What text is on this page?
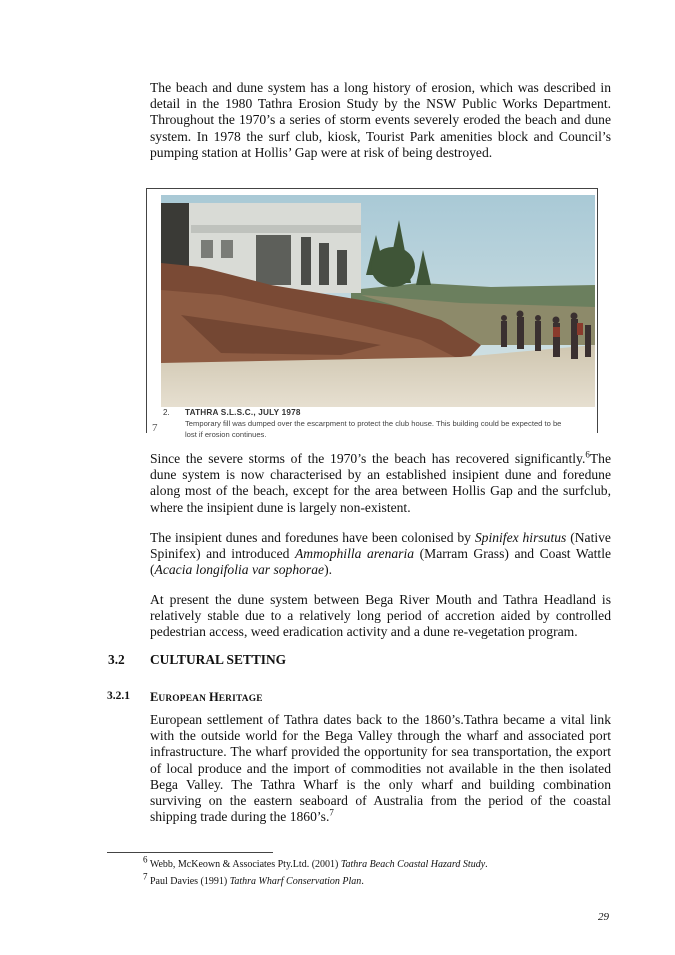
The beach and dune system has a long history of erosion, which was described in detail in the 1980 Tathra Erosion Study by the NSW Public Works Department. Throughout the 1970’s a series of storm events severely eroded the beach and dune system. In 1978 the surf club, kiosk, Tourist Park amenities block and Council’s pumping station at Hollis’ Gap were at risk of being destroyed.

2. TATHRA S.L.S.C., JULY 1978
Temporary fill was dumped over the escarpment to protect the club house. This building could be expected to be lost if erosion continues.
7

Since the severe storms of the 1970’s the beach has recovered significantly.$^6$The dune system is now characterised by an established insipient dune and foredune along most of the beach, except for the area between Hollis Gap and the surfclub, where the insipient dune is largely non-existent.

The insipient dunes and foredunes have been colonised by Spinifex hirsutus (Native Spinifex) and introduced Ammophilla arenaria (Marram Grass) and Coast Wattle (Acacia longifolia var sophorae).

At present the dune system between Bega River Mouth and Tathra Headland is relatively stable due to a relatively long period of accretion aided by controlled pedestrian access, weed eradication activity and a dune re-vegetation program.

3.2 CULTURAL SETTING
3.2.1 EUROPEAN HERITAGE

European settlement of Tathra dates back to the 1860’s.Tathra became a vital link with the outside world for the Bega Valley through the wharf and associated port infrastructure. The wharf provided the opportunity for sea transportation, the export of local produce and the import of commodities not available in the then isolated Bega Valley. The Tathra Wharf is the only wharf and building combination surviving on the eastern seaboard of Australia from the period of the coastal shipping trade during the 1860’s.$^7$

$^6$ Webb, McKeown & Associates Pty.Ltd. (2001) Tathra Beach Coastal Hazard Study.
$^7$ Paul Davies (1991) Tathra Wharf Conservation Plan.
29
